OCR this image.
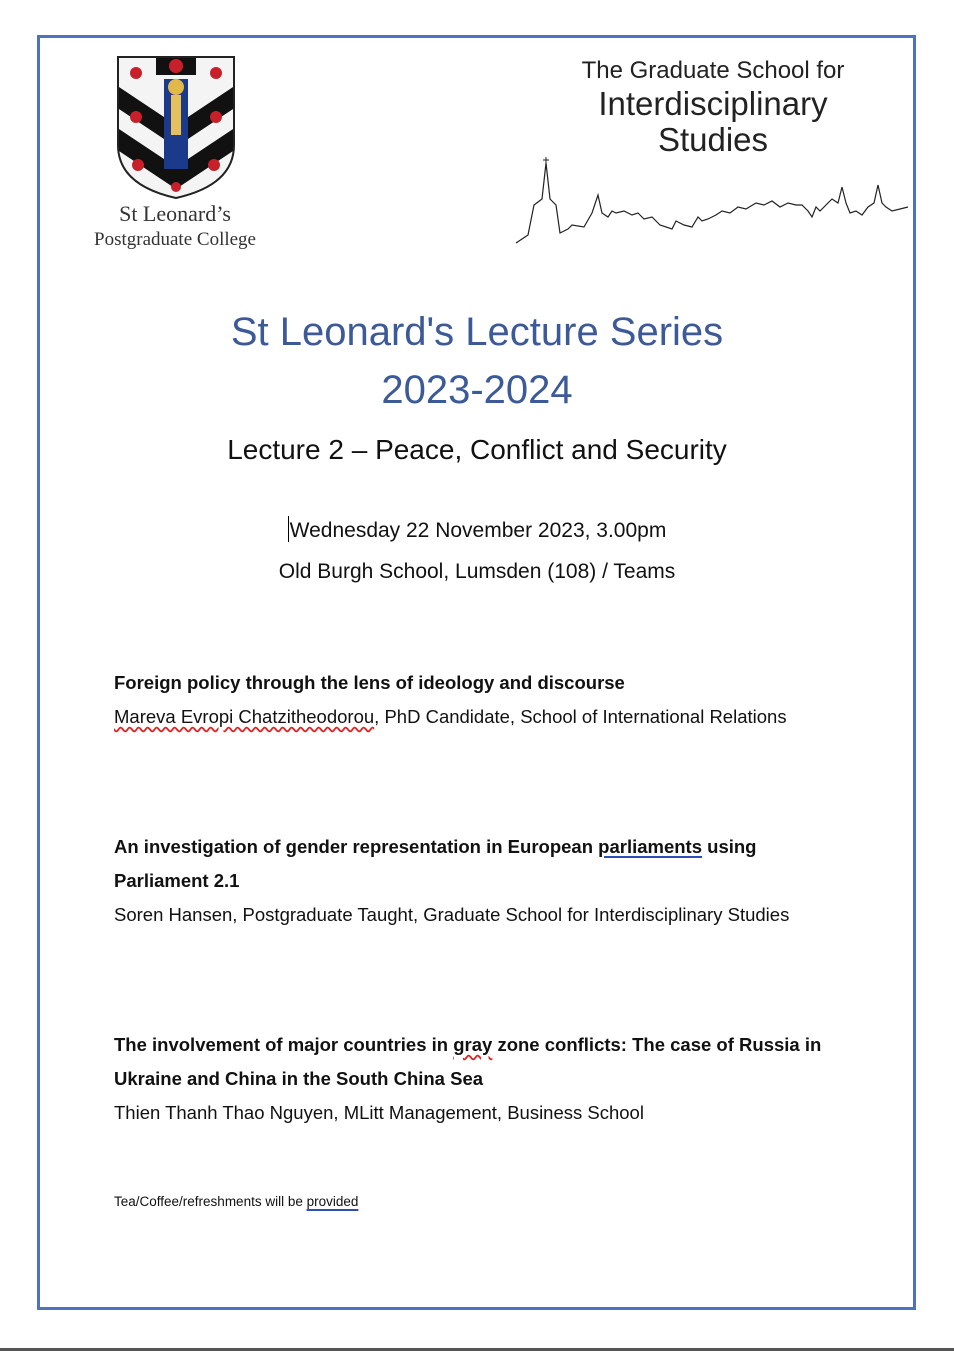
St Leonard’s
Postgraduate College
The Graduate School for
Interdisciplinary
Studies
St Leonard's Lecture Series
2023-2024
Lecture 2 – Peace, Conflict and Security
Wednesday 22 November 2023, 3.00pm
Old Burgh School, Lumsden (108) / Teams
Foreign policy through the lens of ideology and discourse
Mareva Evropi Chatzitheodorou, PhD Candidate, School of International Relations
An investigation of gender representation in European parliaments using Parliament 2.1
Soren Hansen, Postgraduate Taught, Graduate School for Interdisciplinary Studies
The involvement of major countries in gray zone conflicts: The case of Russia in Ukraine and China in the South China Sea
Thien Thanh Thao Nguyen, MLitt Management, Business School
Tea/Coffee/refreshments will be provided
